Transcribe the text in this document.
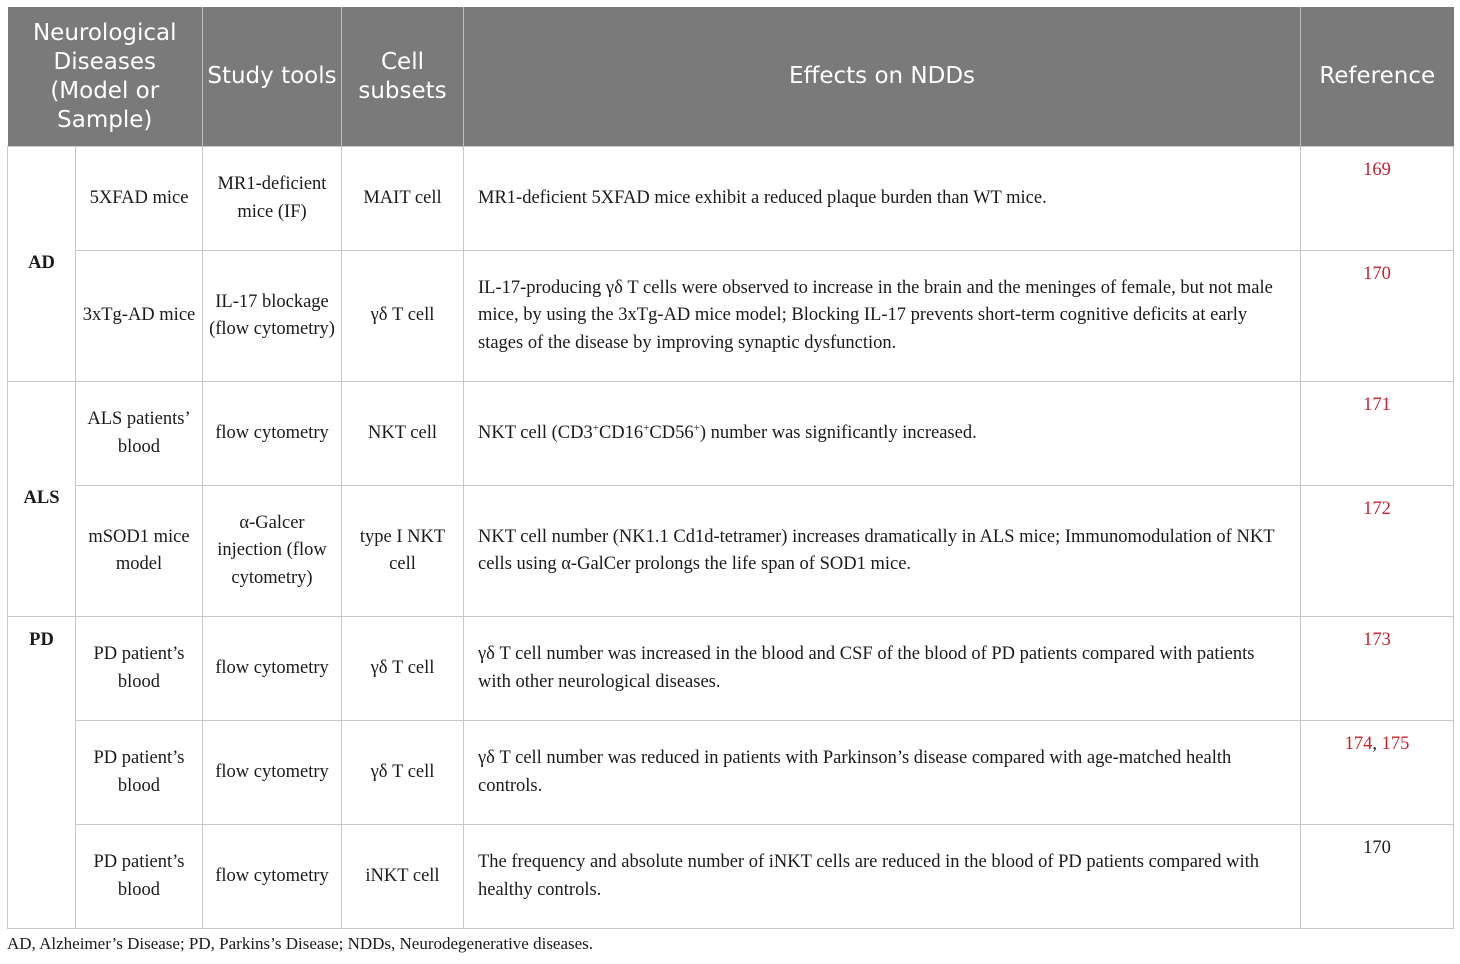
Neurological Diseases (Model or Sample)		Study tools	Cell subsets	Effects on NDDs	Reference
AD	5XFAD mice	MR1-deficient mice (IF)	MAIT cell	MR1-deficient 5XFAD mice exhibit a reduced plaque burden than WT mice.	169
	3xTg-AD mice	IL-17 blockage (flow cytometry)	γδ T cell	IL-17-producing γδ T cells were observed to increase in the brain and the meninges of female, but not male mice, by using the 3xTg-AD mice model; Blocking IL-17 prevents short-term cognitive deficits at early stages of the disease by improving synaptic dysfunction.	170
ALS	ALS patients’ blood	flow cytometry	NKT cell	NKT cell (CD3+CD16+CD56+) number was significantly increased.	171
	mSOD1 mice model	α-Galcer injection (flow cytometry)	type I NKT cell	NKT cell number (NK1.1 Cd1d-tetramer) increases dramatically in ALS mice; Immunomodulation of NKT cells using α-GalCer prolongs the life span of SOD1 mice.	172
PD	PD patient’s blood	flow cytometry	γδ T cell	γδ T cell number was increased in the blood and CSF of the blood of PD patients compared with patients with other neurological diseases.	173
	PD patient’s blood	flow cytometry	γδ T cell	γδ T cell number was reduced in patients with Parkinson’s disease compared with age-matched health controls.	174, 175
	PD patient’s blood	flow cytometry	iNKT cell	The frequency and absolute number of iNKT cells are reduced in the blood of PD patients compared with healthy controls.	170
AD, Alzheimer’s Disease; PD, Parkins’s Disease; NDDs, Neurodegenerative diseases.
